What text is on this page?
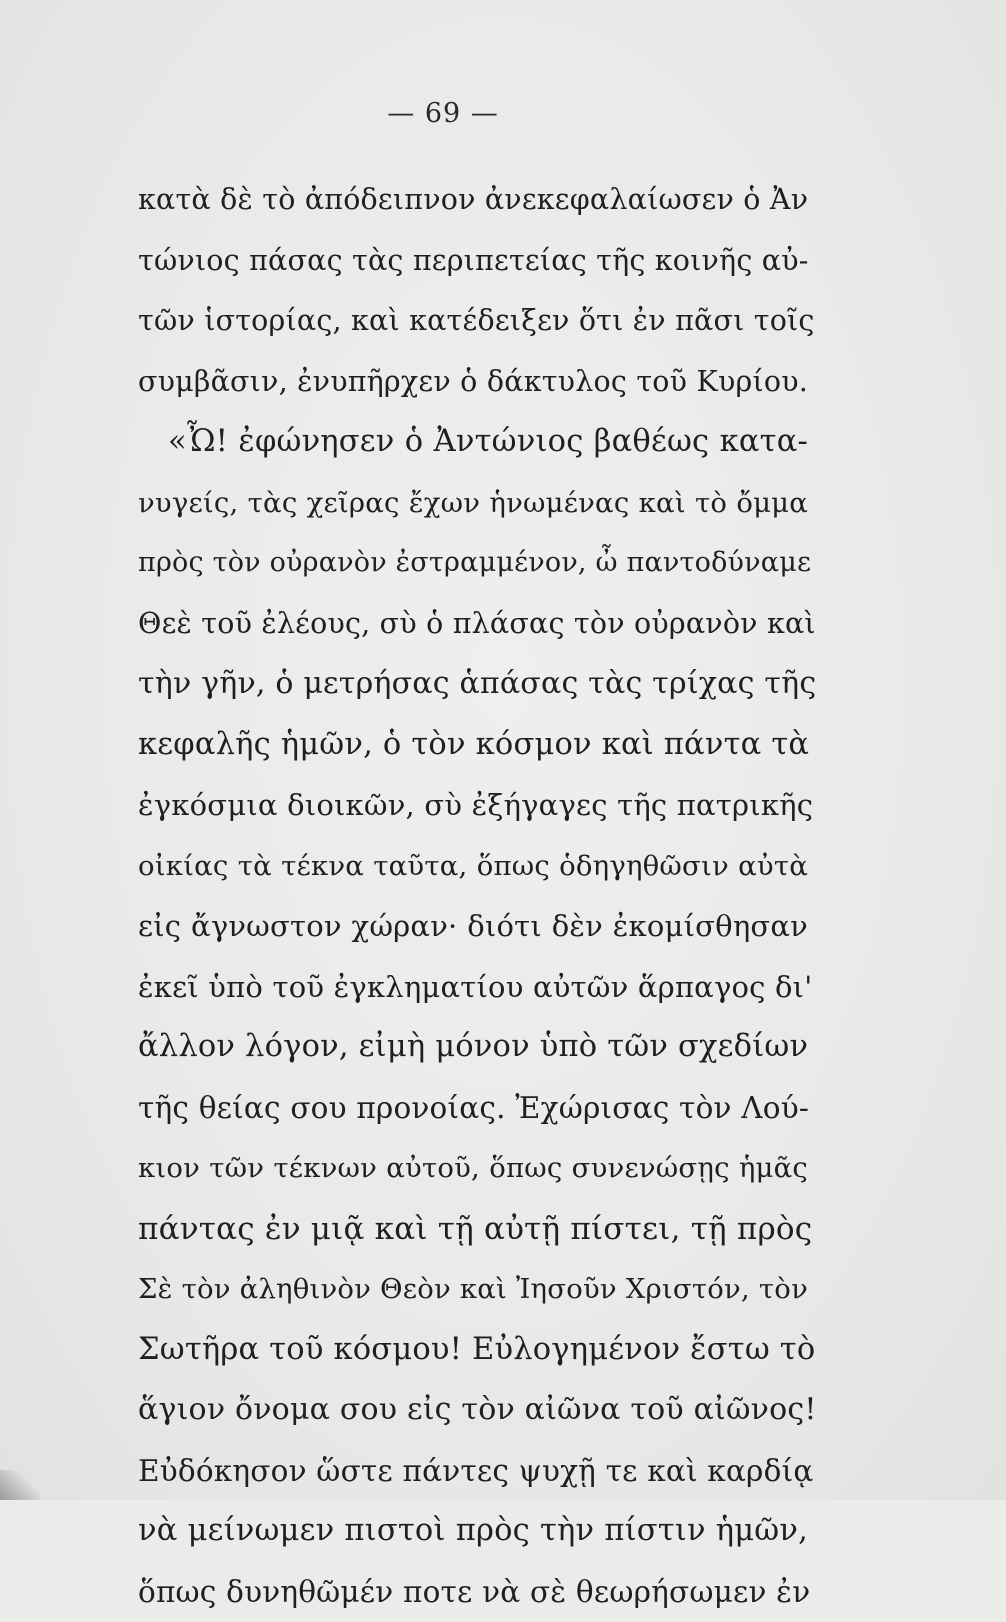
— 69 —
κατὰ δὲ τὸ ἀπόδειπνον ἀνεκεφαλαίωσεν ὁ Ἀν
τώνιος πάσας τὰς περιπετείας τῆς κοινῆς αὐ-
τῶν ἱστορίας, καὶ κατέδειξεν ὅτι ἐν πᾶσι τοῖς
συμβᾶσιν, ἐνυπῆρχεν ὁ δάκτυλος τοῦ Κυρίου.
«Ὦ! ἐφώνησεν ὁ Ἀντώνιος βαθέως κατα-
νυγείς, τὰς χεῖρας ἔχων ἡνωμένας καὶ τὸ ὄμμα
πρὸς τὸν οὐρανὸν ἐστραμμένον, ὦ παντοδύναμε
Θεὲ τοῦ ἐλέους, σὺ ὁ πλάσας τὸν οὐρανὸν καὶ
τὴν γῆν, ὁ μετρήσας ἁπάσας τὰς τρίχας τῆς
κεφαλῆς ἡμῶν, ὁ τὸν κόσμον καὶ πάντα τὰ
ἐγκόσμια διοικῶν, σὺ ἐξήγαγες τῆς πατρικῆς
οἰκίας τὰ τέκνα ταῦτα, ὅπως ὁδηγηθῶσιν αὐτὰ
εἰς ἄγνωστον χώραν· διότι δὲν ἐκομίσθησαν
ἐκεῖ ὑπὸ τοῦ ἐγκληματίου αὐτῶν ἅρπαγος δι'
ἄλλον λόγον, εἰμὴ μόνον ὑπὸ τῶν σχεδίων
τῆς θείας σου προνοίας. Ἐχώρισας τὸν Λού-
κιον τῶν τέκνων αὐτοῦ, ὅπως συνενώσῃς ἡμᾶς
πάντας ἐν μιᾷ καὶ τῇ αὐτῇ πίστει, τῇ πρὸς
Σὲ τὸν ἀληθινὸν Θεὸν καὶ Ἰησοῦν Χριστόν, τὸν
Σωτῆρα τοῦ κόσμου! Εὐλογημένον ἔστω τὸ
ἅγιον ὄνομα σου εἰς τὸν αἰῶνα τοῦ αἰῶνος!
Εὐδόκησον ὥστε πάντες ψυχῇ τε καὶ καρδίᾳ
νὰ μείνωμεν πιστοὶ πρὸς τὴν πίστιν ἡμῶν,
ὅπως δυνηθῶμέν ποτε νὰ σὲ θεωρήσωμεν ἐν
